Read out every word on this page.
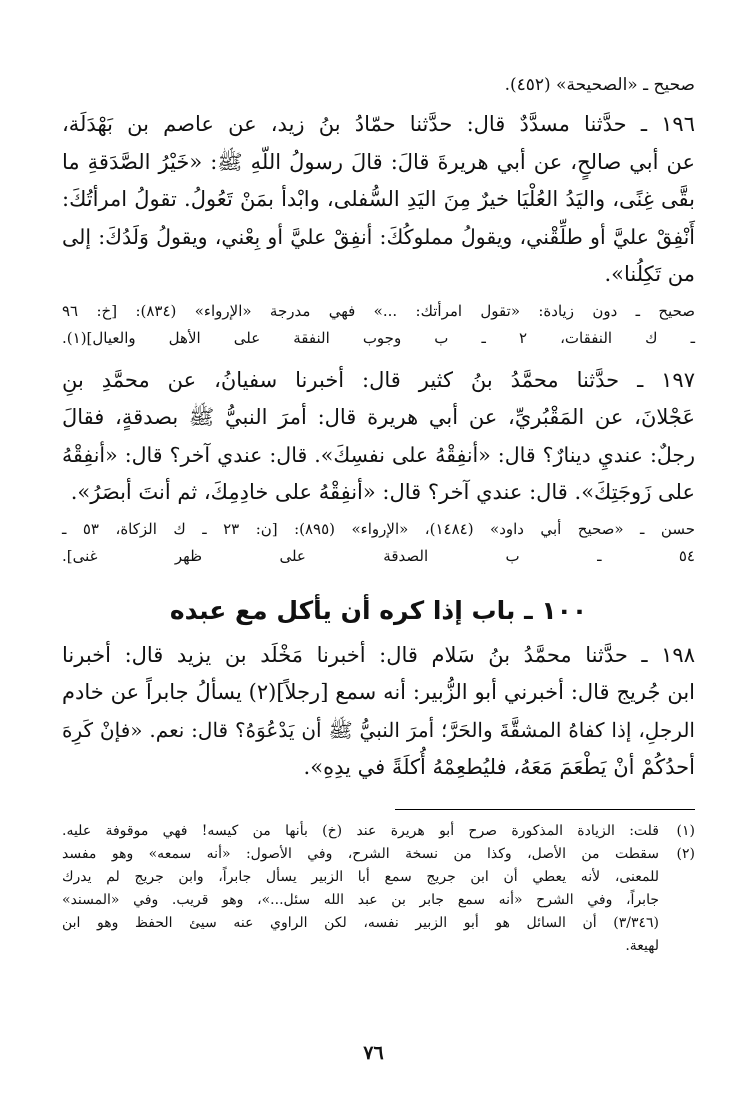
صحيح ـ «الصحيحة» (٤٥٢).
١٩٦ ـ حدَّثنا مسدَّدٌ قال: حدَّثنا حمّادُ بنُ زيد، عن عاصم بن بَهْدَلَة،
عن أبي صالحٍ، عن أبي هريرةَ قالَ: قالَ رسولُ اللّهِ ﷺ: «خَيْرُ الصَّدَقةِ ما
بقَّى غِنًى، واليَدُ العُلْيَا خيرٌ مِنَ اليَدِ السُّفلى، وابْدأ بمَنْ تَعُولُ. تقولُ امرأتُكَ:
أَنْفِقْ عليَّ أو طلِّقْني، ويقولُ مملوكُكَ: أنفِقْ عليَّ أو بِعْني، ويقولُ وَلَدُكَ: إلى
من تَكِلُنا».
صحيح ـ دون زيادة: «تقول امرأتك: ...» فهي مدرجة «الإرواء» (٨٣٤): [خ: ٩٦
ـ ك النفقات، ٢ ـ ب وجوب النفقة على الأهل والعيال](١).
١٩٧ ـ حدَّثنا محمَّدُ بنُ كثير قال: أخبرنا سفيانُ، عن محمَّدِ بنِ
عَجْلانَ، عن المَقْبُريِّ، عن أبي هريرة قال: أمرَ النبيُّ ﷺ بصدقةٍ، فقالَ
رجلٌ: عنديِ دينارٌ؟ قال: «أنفِقْهُ على نفسِكَ». قال: عندي آخر؟ قال: «أنفِقْهُ
على زَوجَتِكَ». قال: عندي آخر؟ قال: «أنفِقْهُ على خادِمِكَ، ثم أنتَ أبصَرُ».
حسن ـ «صحيح أبي داود» (١٤٨٤)، «الإرواء» (٨٩٥): [ن: ٢٣ ـ ك الزكاة، ٥٣ ـ
٥٤ ـ ب الصدقة على ظهر غنى].
١٠٠ ـ باب إذا كره أن يأكل مع عبده
١٩٨ ـ حدَّثنا محمَّدُ بنُ سَلام قال: أخبرنا مَخْلَد بن يزيد قال: أخبرنا
ابن جُريج قال: أخبرني أبو الزُّبير: أنه سمع [رجلاً](٢) يسألُ جابراً عن خادم
الرجلِ، إذا كفاهُ المشقَّةَ والحَرَّ؛ أمرَ النبيُّ ﷺ أن يَدْعُوَهُ؟ قال: نعم. «فإنْ كَرِهَ
أحدُكُمْ أنْ يَطْعَمَ مَعَهُ، فليُطعِمْهُ أُكلَةً في يدِهِ».
(١)
قلت: الزيادة المذكورة صرح أبو هريرة عند (خ) بأنها من كيسه! فهي موقوفة عليه.
(٢)
سقطت من الأصل، وكذا من نسخة الشرح، وفي الأصول: «أنه سمعه» وهو مفسد
للمعنى، لأنه يعطي أن ابن جريج سمع أبا الزبير يسأل جابراً، وابن جريج لم يدرك
جابراً، وفي الشرح «أنه سمع جابر بن عبد الله سئل...»، وهو قريب. وفي «المسند»
(٣/٣٤٦) أن السائل هو أبو الزبير نفسه، لكن الراوي عنه سيئ الحفظ وهو ابن
لهيعة.
٧٦
